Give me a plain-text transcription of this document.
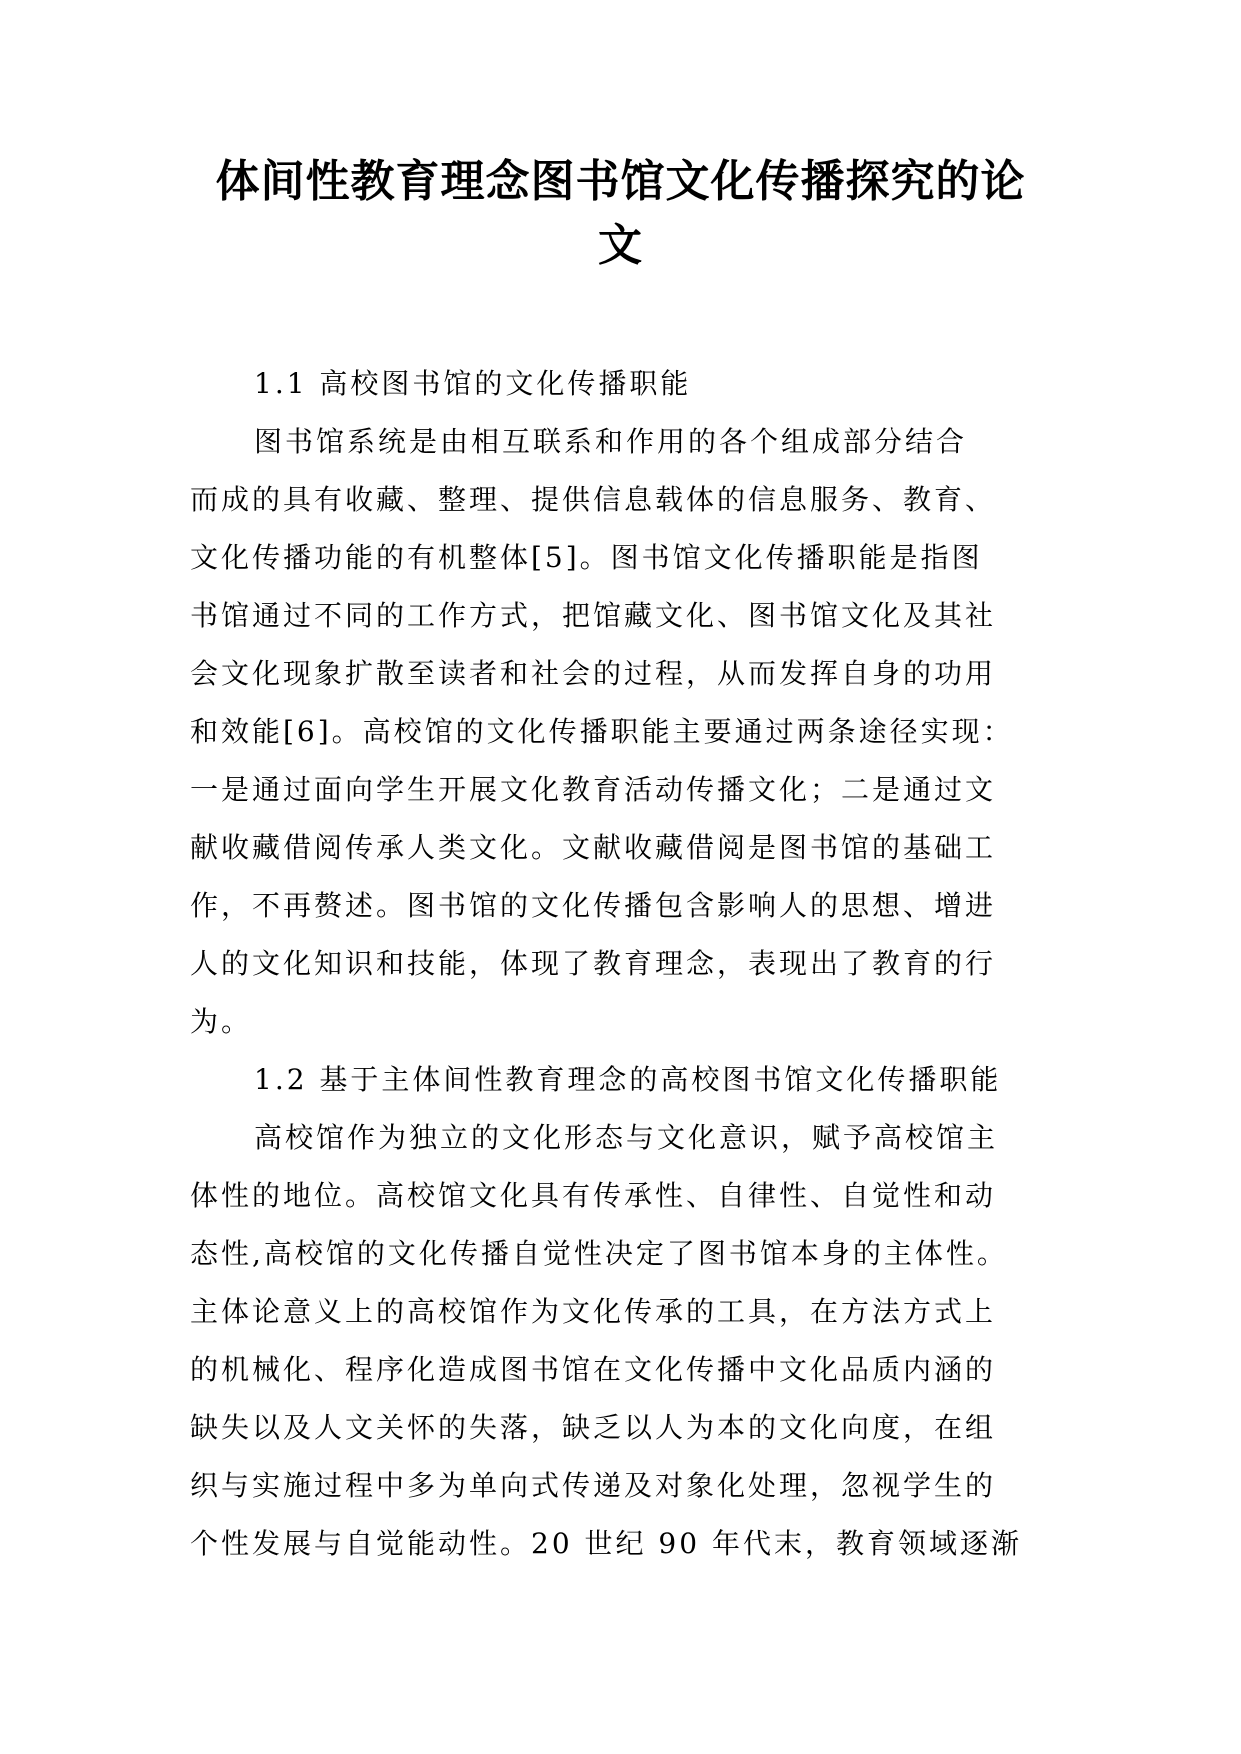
体间性教育理念图书馆文化传播探究的论
文
1.1 高校图书馆的文化传播职能
图书馆系统是由相互联系和作用的各个组成部分结合
而成的具有收藏、整理、提供信息载体的信息服务、教育、
文化传播功能的有机整体[5]。图书馆文化传播职能是指图
书馆通过不同的工作方式，把馆藏文化、图书馆文化及其社
会文化现象扩散至读者和社会的过程，从而发挥自身的功用
和效能[6]。高校馆的文化传播职能主要通过两条途径实现：
一是通过面向学生开展文化教育活动传播文化；二是通过文
献收藏借阅传承人类文化。文献收藏借阅是图书馆的基础工
作，不再赘述。图书馆的文化传播包含影响人的思想、增进
人的文化知识和技能，体现了教育理念，表现出了教育的行
为。
1.2 基于主体间性教育理念的高校图书馆文化传播职能
高校馆作为独立的文化形态与文化意识，赋予高校馆主
体性的地位。高校馆文化具有传承性、自律性、自觉性和动
态性,高校馆的文化传播自觉性决定了图书馆本身的主体性。
主体论意义上的高校馆作为文化传承的工具，在方法方式上
的机械化、程序化造成图书馆在文化传播中文化品质内涵的
缺失以及人文关怀的失落，缺乏以人为本的文化向度，在组
织与实施过程中多为单向式传递及对象化处理，忽视学生的
个性发展与自觉能动性。20 世纪 90 年代末，教育领域逐渐
